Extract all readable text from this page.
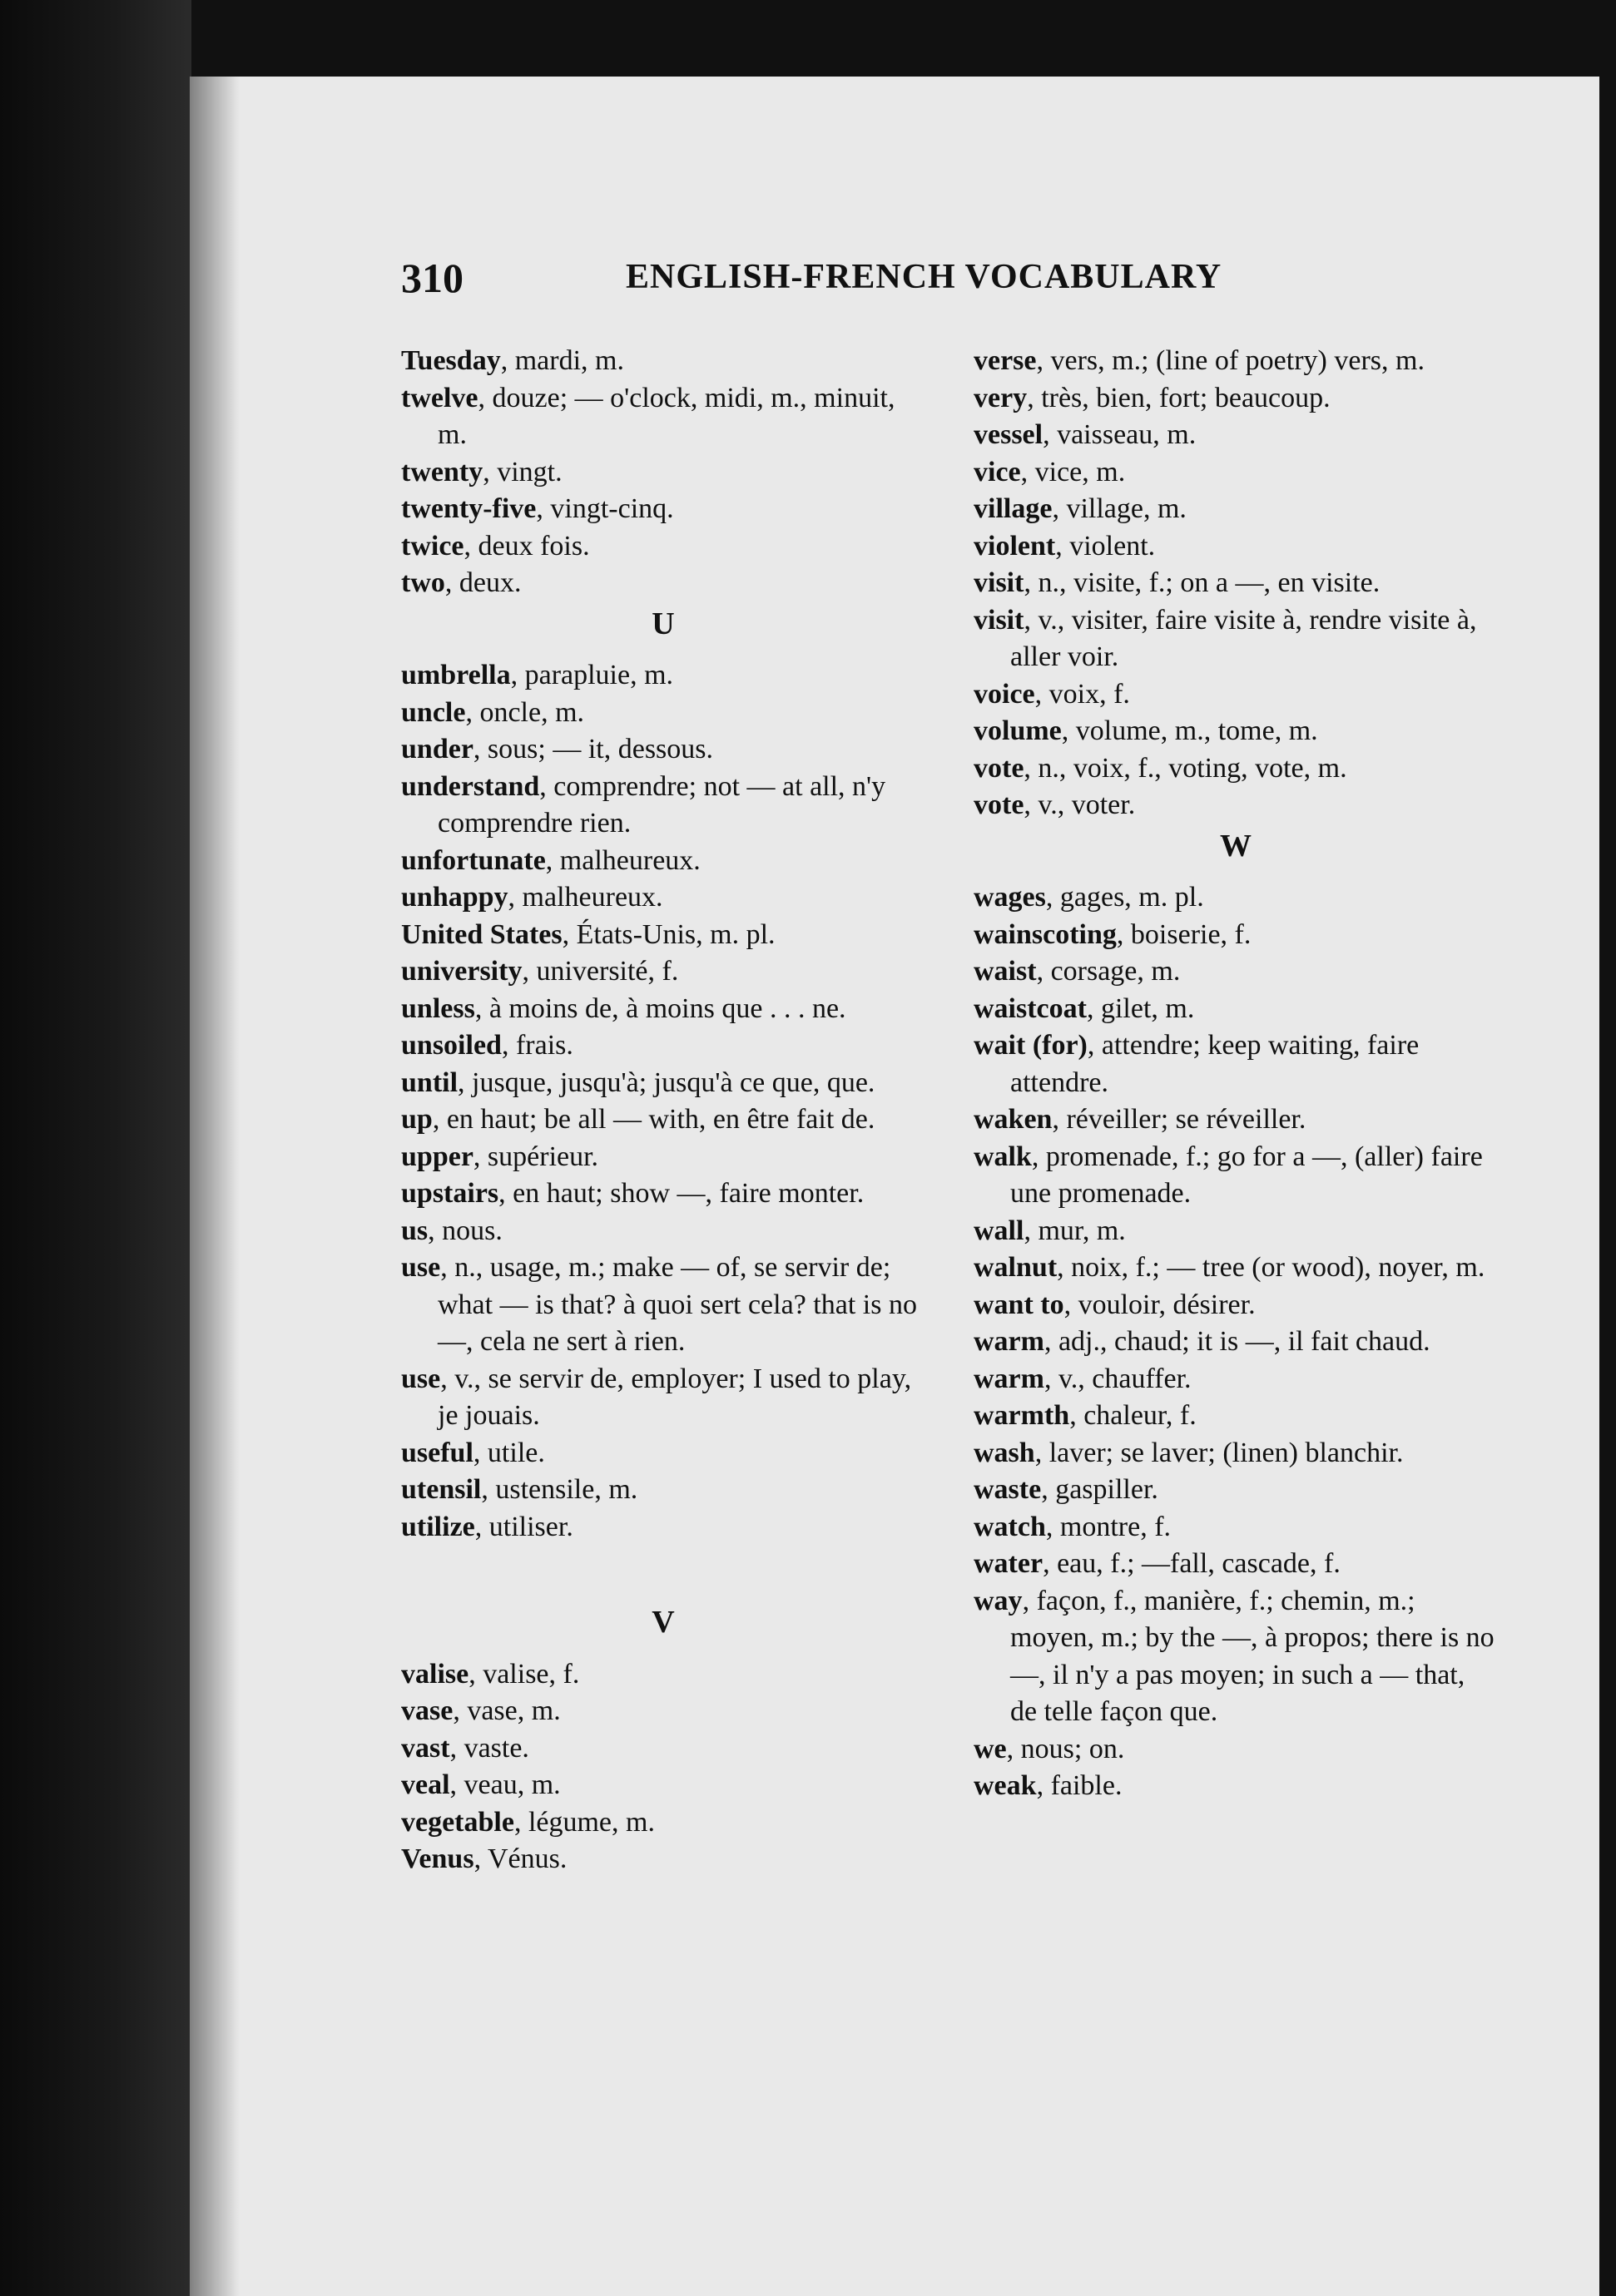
310	ENGLISH-FRENCH VOCABULARY

Tuesday, mardi, m.

twelve, douze; — o'clock, midi, m., minuit, m.

twenty, vingt.

twenty-five, vingt-cinq.

twice, deux fois.

two, deux.

U

umbrella, parapluie, m.

uncle, oncle, m.

under, sous; — it, dessous.

understand, comprendre; not — at all, n'y comprendre rien.

unfortunate, malheureux.

unhappy, malheureux.

United States, États-Unis, m. pl.

university, université, f.

unless, à moins de, à moins que . . . ne.

unsoiled, frais.

until, jusque, jusqu'à; jusqu'à ce que, que.

up, en haut; be all — with, en être fait de.

upper, supérieur.

upstairs, en haut; show —, faire monter.

us, nous.

use, n., usage, m.; make — of, se servir de; what — is that? à quoi sert cela? that is no —, cela ne sert à rien.

use, v., se servir de, employer; I used to play, je jouais.

useful, utile.

utensil, ustensile, m.

utilize, utiliser.

V

valise, valise, f.

vase, vase, m.

vast, vaste.

veal, veau, m.

vegetable, légume, m.

Venus, Vénus.

verse, vers, m.; (line of poetry) vers, m.

very, très, bien, fort; beaucoup.

vessel, vaisseau, m.

vice, vice, m.

village, village, m.

violent, violent.

visit, n., visite, f.; on a —, en visite.

visit, v., visiter, faire visite à, rendre visite à, aller voir.

voice, voix, f.

volume, volume, m., tome, m.

vote, n., voix, f., voting, vote, m.

vote, v., voter.

W

wages, gages, m. pl.

wainscoting, boiserie, f.

waist, corsage, m.

waistcoat, gilet, m.

wait (for), attendre; keep waiting, faire attendre.

waken, réveiller; se réveiller.

walk, promenade, f.; go for a —, (aller) faire une promenade.

wall, mur, m.

walnut, noix, f.; — tree (or wood), noyer, m.

want to, vouloir, désirer.

warm, adj., chaud; it is —, il fait chaud.

warm, v., chauffer.

warmth, chaleur, f.

wash, laver; se laver; (linen) blanchir.

waste, gaspiller.

watch, montre, f.

water, eau, f.; —fall, cascade, f.

way, façon, f., manière, f.; chemin, m.; moyen, m.; by the —, à propos; there is no —, il n'y a pas moyen; in such a — that, de telle façon que.

we, nous; on.

weak, faible.
